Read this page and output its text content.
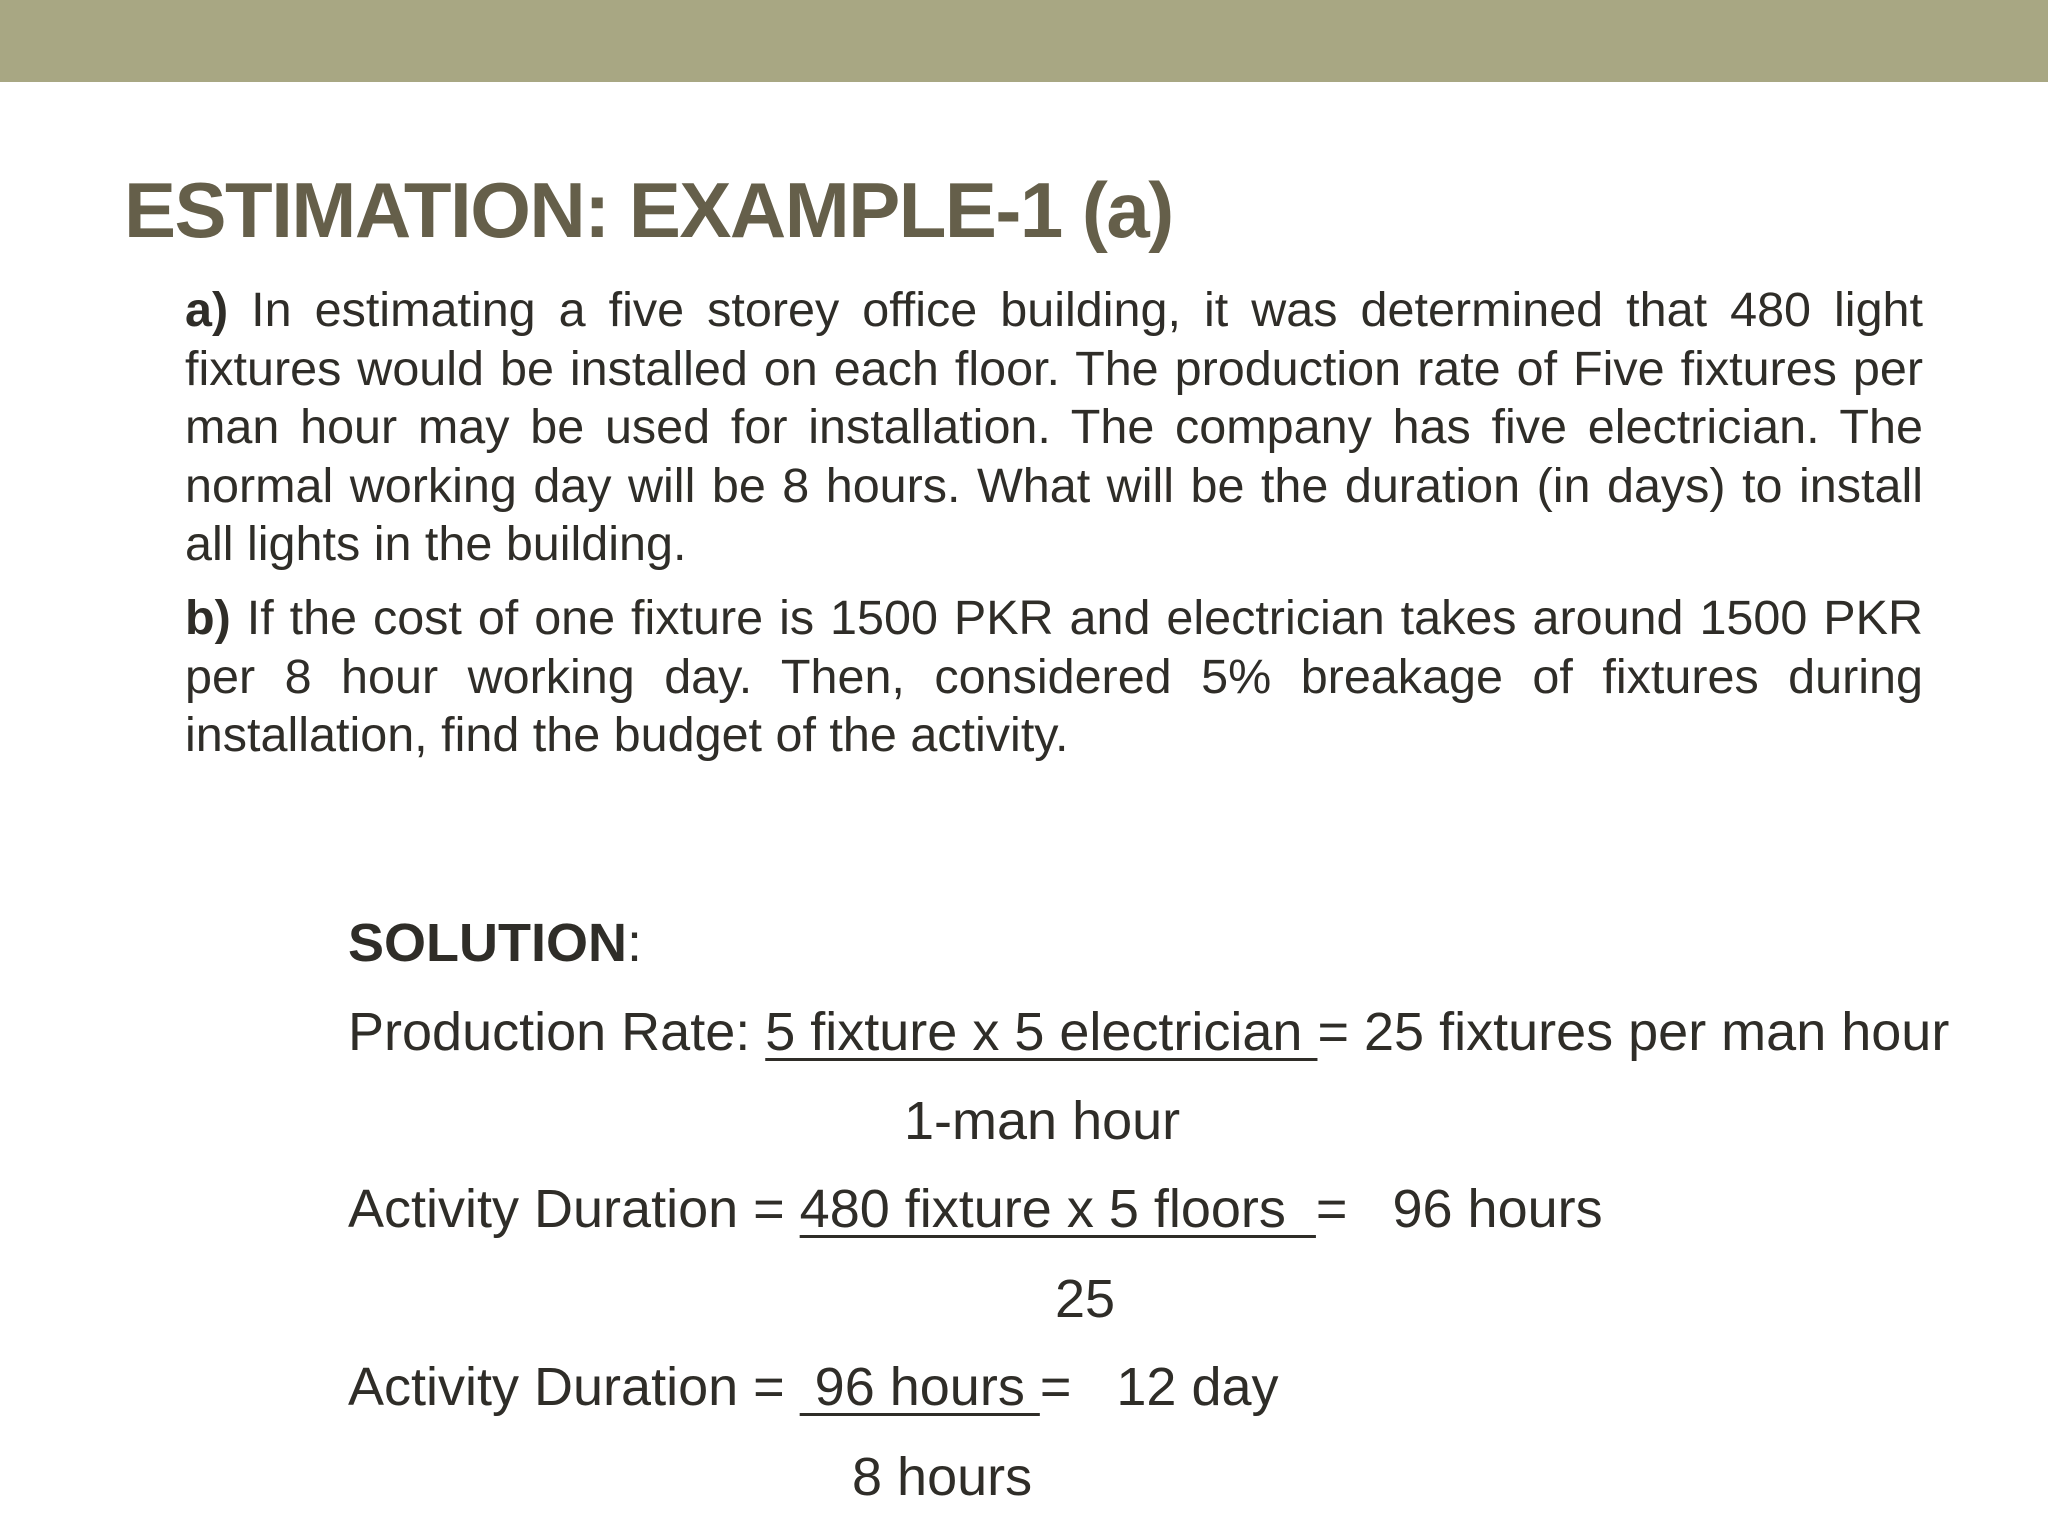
ESTIMATION: EXAMPLE-1 (a)

a) In estimating a five storey office building, it was determined that 480 light fixtures would be installed on each floor. The production rate of Five fixtures per man hour may be used for installation. The company has five electrician. The normal working day will be 8 hours. What will be the duration (in days) to install all lights in the building.

b) If the cost of one fixture is 1500 PKR and electrician takes around 1500 PKR per 8 hour working day. Then, considered 5% breakage of fixtures during installation, find the budget of the activity.

SOLUTION:
Production Rate: 5 fixture x 5 electrician = 25 fixtures per man hour
1-man hour
Activity Duration = 480 fixture x 5 floors  =   96 hours
25
Activity Duration =  96 hours =   12 day
8 hours
